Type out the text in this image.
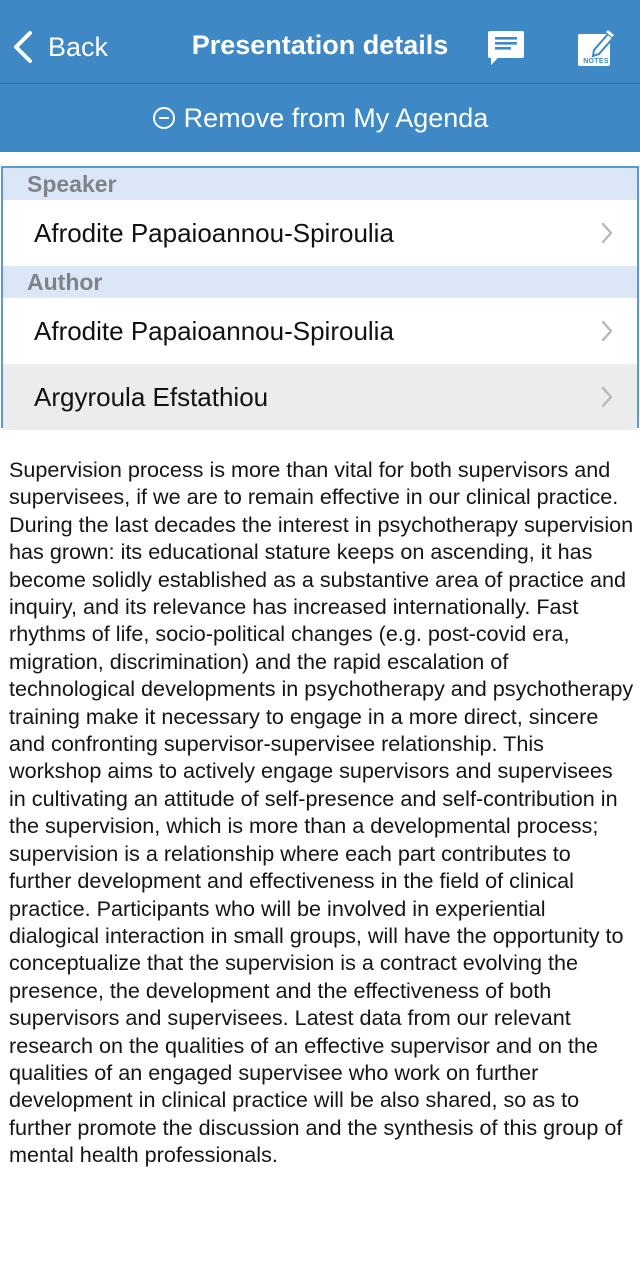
Back	Presentation details
CHAT	NOTES
Remove from My Agenda
Speaker
Afrodite Papaioannou-Spiroulia
Author
Afrodite Papaioannou-Spiroulia
Argyroula Efstathiou
Supervision process is more than vital for both supervisors and supervisees, if we are to remain effective in our clinical practice. During the last decades the interest in psychotherapy supervision has grown: its educational stature keeps on ascending, it has become solidly established as a substantive area of practice and inquiry, and its relevance has increased internationally. Fast rhythms of life, socio-political changes (e.g. post-covid era, migration, discrimination) and the rapid escalation of technological developments in psychotherapy and psychotherapy training make it necessary to engage in a more direct, sincere and confronting supervisor-supervisee relationship. This workshop aims to actively engage supervisors and supervisees in cultivating an attitude of self-presence and self-contribution in the supervision, which is more than a developmental process; supervision is a relationship where each part contributes to further development and effectiveness in the field of clinical practice. Participants who will be involved in experiential dialogical interaction in small groups, will have the opportunity to conceptualize that the supervision is a contract evolving the presence, the development and the effectiveness of both supervisors and supervisees. Latest data from our relevant research on the qualities of an effective supervisor and on the qualities of an engaged supervisee who work on further development in clinical practice will be also shared, so as to further promote the discussion and the synthesis of this group of mental health professionals.
